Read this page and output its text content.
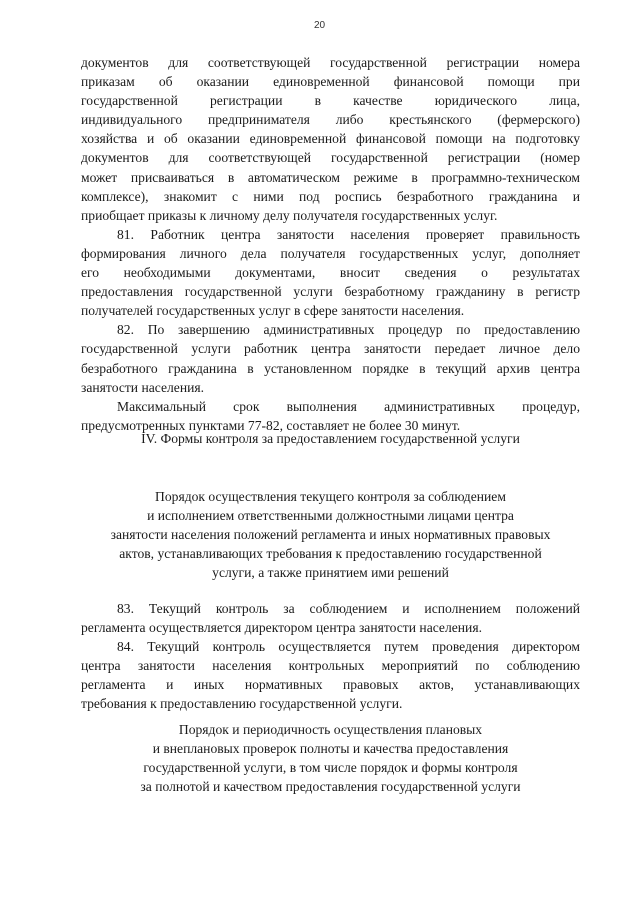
20

документов для соответствующей государственной регистрации номера
приказам об оказании единовременной финансовой помощи при
государственной регистрации в качестве юридического лица,
индивидуального предпринимателя либо крестьянского (фермерского)
хозяйства и об оказании единовременной финансовой помощи на подготовку
документов для соответствующей государственной регистрации (номер
может присваиваться в автоматическом режиме в программно-техническом
комплексе), знакомит с ними под роспись безработного гражданина и
приобщает приказы к личному делу получателя государственных услуг.

81. Работник центра занятости населения проверяет правильность
формирования личного дела получателя государственных услуг, дополняет
его необходимыми документами, вносит сведения о результатах
предоставления государственной услуги безработному гражданину в регистр
получателей государственных услуг в сфере занятости населения.

82. По завершению административных процедур по предоставлению
государственной услуги работник центра занятости передает личное дело
безработного гражданина в установленном порядке в текущий архив центра
занятости населения.

Максимальный срок выполнения административных процедур,
предусмотренных пунктами 77-82, составляет не более 30 минут.

IV. Формы контроля за предоставлением государственной услуги
Порядок осуществления текущего контроля за соблюдением
и исполнением ответственными должностными лицами центра
занятости населения положений регламента и иных нормативных правовых
актов, устанавливающих требования к предоставлению государственной
услуги, а также принятием ими решений

83. Текущий контроль за соблюдением и исполнением положений
регламента осуществляется директором центра занятости населения.

84. Текущий контроль осуществляется путем проведения директором
центра занятости населения контрольных мероприятий по соблюдению
регламента и иных нормативных правовых актов, устанавливающих
требования к предоставлению государственной услуги.

Порядок и периодичность осуществления плановых
и внеплановых проверок полноты и качества предоставления
государственной услуги, в том числе порядок и формы контроля
за полнотой и качеством предоставления государственной услуги
